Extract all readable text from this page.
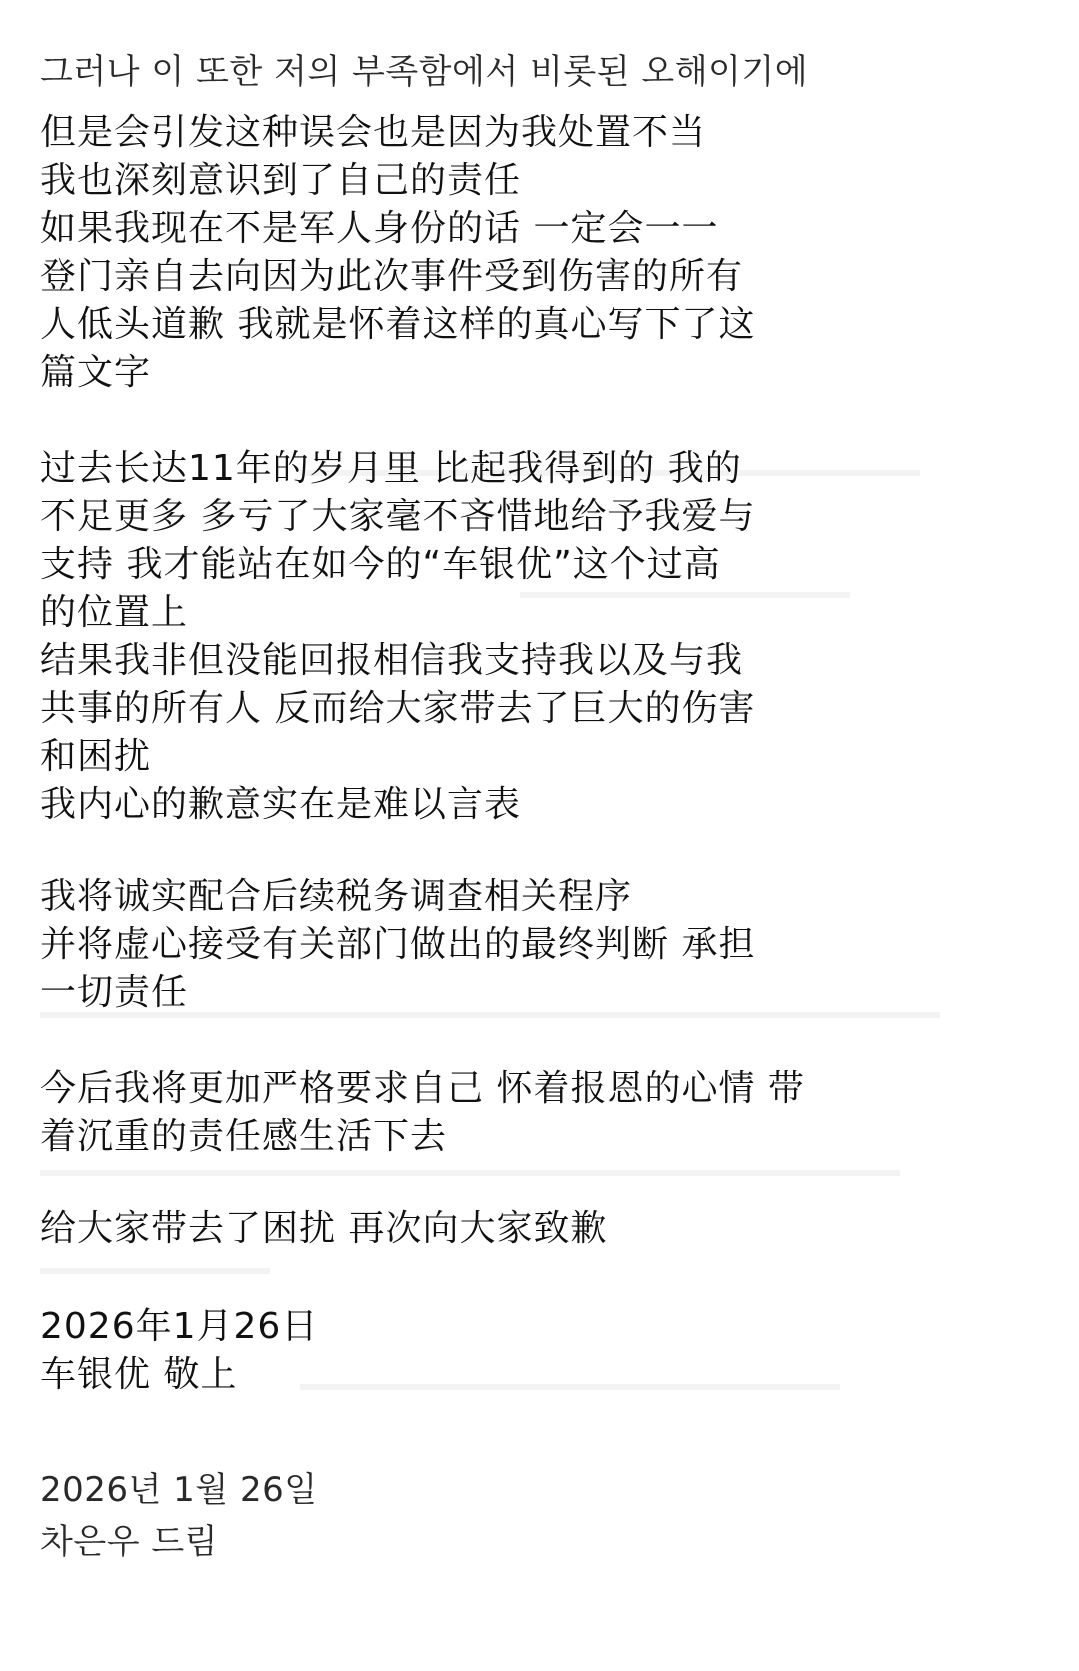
그러나 이 또한 저의 부족함에서 비롯된 오해이기에
但是会引发这种误会也是因为我处置不当
我也深刻意识到了自己的责任
如果我现在不是军人身份的话 一定会一一
登门亲自去向因为此次事件受到伤害的所有
人低头道歉 我就是怀着这样的真心写下了这
篇文字
过去长达11年的岁月里 比起我得到的 我的
不足更多 多亏了大家毫不吝惜地给予我爱与
支持 我才能站在如今的“车银优”这个过高
的位置上
结果我非但没能回报相信我支持我以及与我
共事的所有人 反而给大家带去了巨大的伤害
和困扰
我内心的歉意实在是难以言表
我将诚实配合后续税务调查相关程序
并将虚心接受有关部门做出的最终判断 承担
一切责任
今后我将更加严格要求自己 怀着报恩的心情 带
着沉重的责任感生活下去
给大家带去了困扰 再次向大家致歉
2026年1月26日
车银优 敬上
2026년 1월 26일
차은우 드림
